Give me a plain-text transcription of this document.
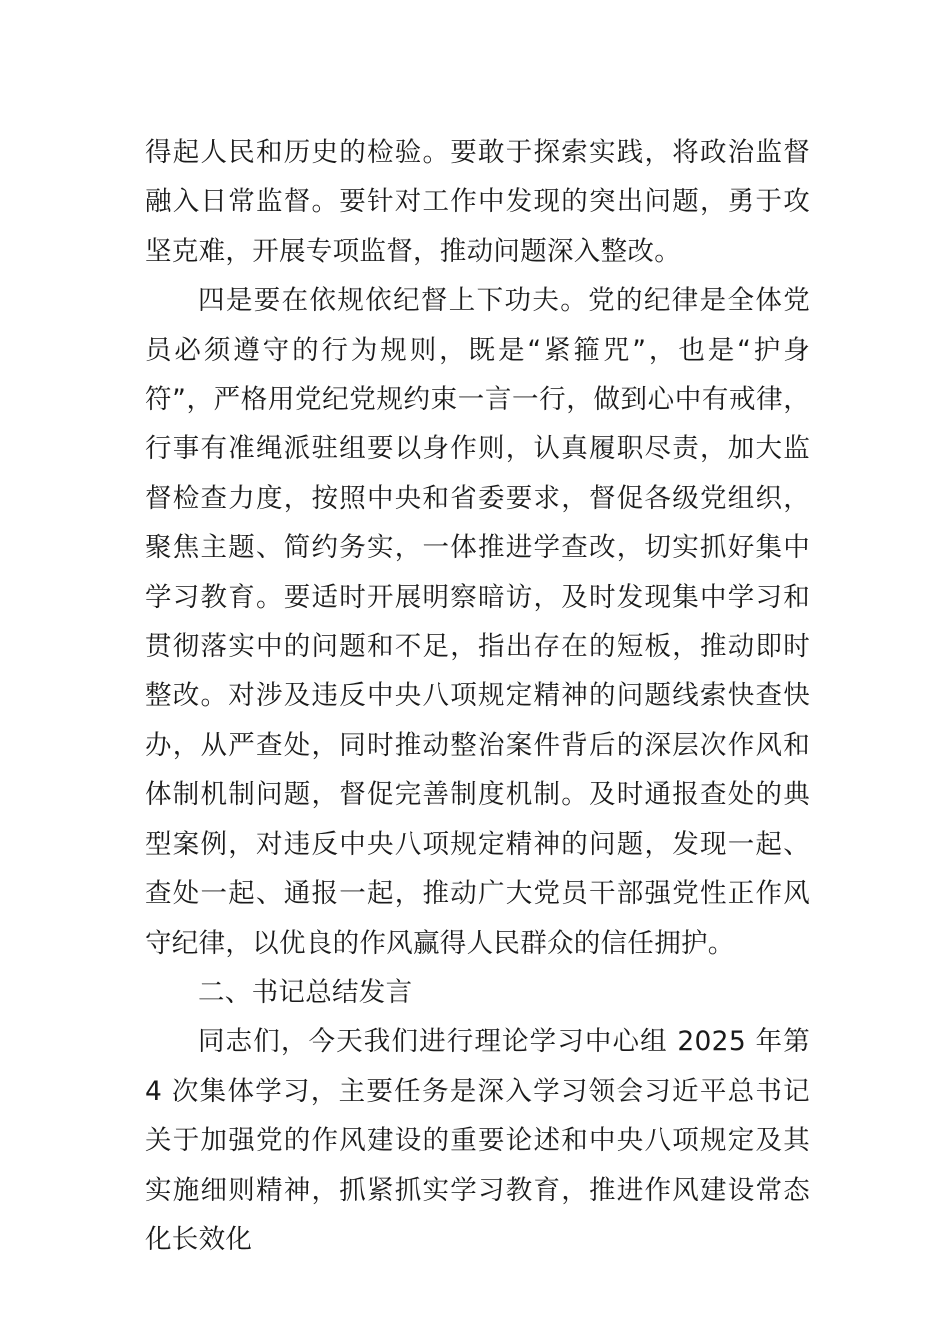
得起人民和历史的检验。要敢于探索实践，将政治监督融入日常监督。要针对工作中发现的突出问题，勇于攻坚克难，开展专项监督，推动问题深入整改。

四是要在依规依纪督上下功夫。党的纪律是全体党员必须遵守的行为规则，既是“紧箍咒”，也是“护身符”，严格用党纪党规约束一言一行，做到心中有戒律，行事有准绳派驻组要以身作则，认真履职尽责，加大监督检查力度，按照中央和省委要求，督促各级党组织，聚焦主题、简约务实，一体推进学查改，切实抓好集中学习教育。要适时开展明察暗访，及时发现集中学习和贯彻落实中的问题和不足，指出存在的短板，推动即时整改。对涉及违反中央八项规定精神的问题线索快查快办，从严查处，同时推动整治案件背后的深层次作风和体制机制问题，督促完善制度机制。及时通报查处的典型案例，对违反中央八项规定精神的问题，发现一起、查处一起、通报一起，推动广大党员干部强党性正作风守纪律，以优良的作风赢得人民群众的信任拥护。

二、书记总结发言

同志们，今天我们进行理论学习中心组 2025 年第 4 次集体学习，主要任务是深入学习领会习近平总书记关于加强党的作风建设的重要论述和中央八项规定及其实施细则精神，抓紧抓实学习教育，推进作风建设常态化长效化
